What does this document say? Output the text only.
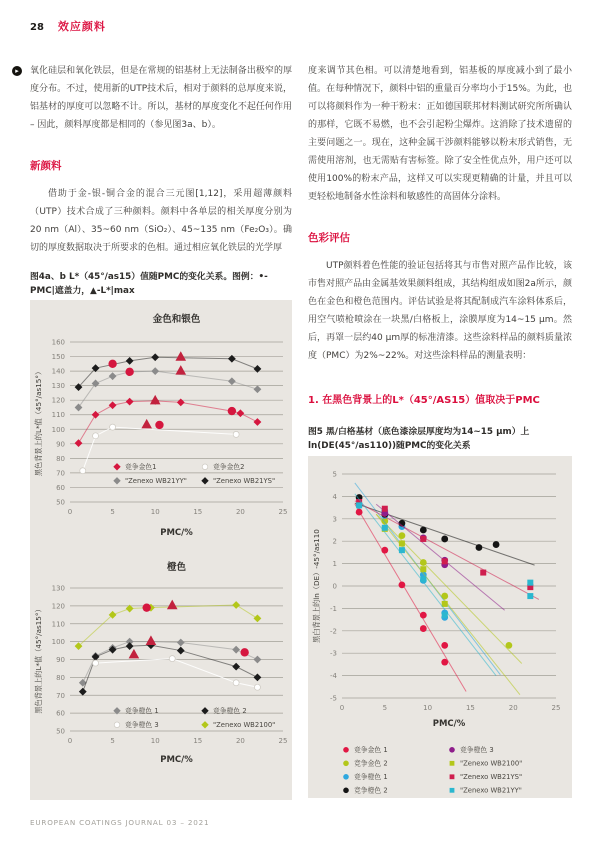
28 效应颜料
▸	氧化硅层和氧化铁层，但是在常规的铝基材上无法制备出极窄的厚度分布。不过，使用新的UTP技术后，相对于颜料的总厚度来说，铝基材的厚度可以忽略不计。所以，基材的厚度变化不起任何作用 – 因此，颜料厚度都是相同的（参见图3a、b）。

新颜料

借助于金-银-铜合金的混合三元图[1,12]，采用超薄颜料（UTP）技术合成了三种颜料。颜料中各单层的相关厚度分别为20 nm（Al）、35~60 nm（SiO₂）、45~135 nm（Fe₂O₃）。确切的厚度数据取决于所要求的色相。通过相应氧化铁层的光学厚

图4a、b L*（45°/as15）值随PMC的变化关系。图例：•-
PMC|遮盖力，▲-L*|max

度来调节其色相。可以清楚地看到，铝基板的厚度减小到了最小值。在每种情况下，颜料中铝的重量百分率均小于15%。为此，也可以将颜料作为一种干粉末：正如德国联邦材料测试研究所所确认的那样，它既不易燃，也不会引起粉尘爆炸。这消除了技术遗留的主要问题之一。现在，这种金属干涉颜料能够以粉末形式销售，无需使用溶剂，也无需贴有害标签。除了安全性优点外，用户还可以使用100%的粉末产品，这样又可以实现更精确的计量，并且可以更轻松地制备水性涂料和敏感性的高固体分涂料。

色彩评估

UTP颜料着色性能的验证包括将其与市售对照产品作比较，该市售对照产品由金属基效果颜料组成，其结构组成如图2a所示，颜色在金色和橙色范围内。评估试验是将其配制成汽车涂料体系后，用空气喷枪喷涂在一块黑/白格板上，涂膜厚度为14~15 μm。然后，再罩一层约40 μm厚的标准清漆。这些涂料样品的颜料质量浓度（PMC）为2%~22%。对这些涂料样品的测量表明：

1. 在黑色背景上的L*（45°/AS15）值取决于PMC

图5 黑/白格基材（底色漆涂层厚度均为14~15 μm）上
ln(DE(45°/as110))随PMC的变化关系

金色和银色
50
60
70
80
90
100
110
120
130
140
150
160
0	5	10	15	20	25
PMC/%
黑色背景上的L*值（45°/as15°）	竞争金色1	竞争金色2
"Zenexo WB21YY"	"Zenexo WB21YS"
橙色
50
60
70
80
90
100
110
120
130
0	5	10	15	20	25
PMC/%
黑色背景上的L*值（45°/as15°）	竞争橙色 1	竞争橙色 2
竞争橙色 3	"Zenexo WB2100"
-5
-4
-3
-2
-1
0
1
2
3
4
5
0	5	10	15	20	25
PMC/%
黑白背景上的ln（DE）-45°/as110
竞争金色 1	竞争橙色 3
竞争金色 2	"Zenexo WB2100"
竞争橙色 1	"Zenexo WB21YS"
竞争橙色 2	"Zenexo WB21YY"
EUROPEAN COATINGS JOURNAL 03 – 2021
